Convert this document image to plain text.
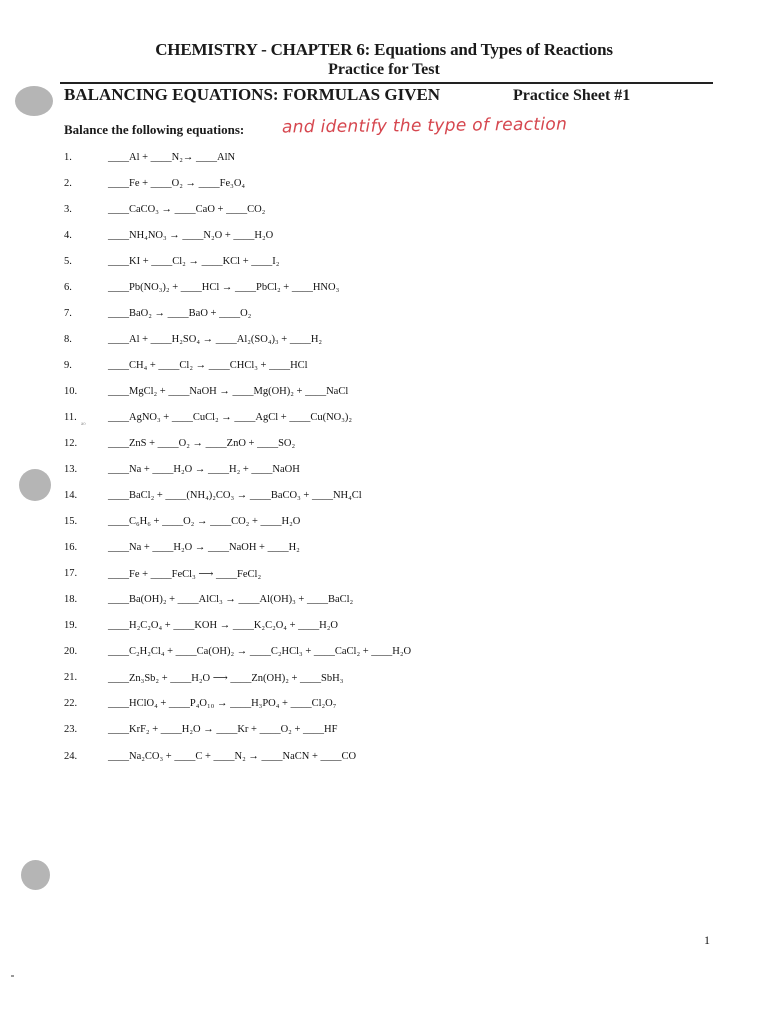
CHEMISTRY - CHAPTER 6: Equations and Types of Reactions
Practice for Test
BALANCING EQUATIONS: FORMULAS GIVEN	Practice Sheet #1
Balance the following equations: and identify the type of reaction
1.	____Al + ____N₂→ ____AlN
2.	____Fe + ____O₂ → ____Fe₃O₄
3.	____CaCO₃ → ____CaO + ____CO₂
4.	____NH₄NO₃ → ____N₂O + ____H₂O
5.	____KI + ____Cl₂ → ____KCl + ____I₂
6.	____Pb(NO₃)₂ + ____HCl → ____PbCl₂ + ____HNO₃
7.	____BaO₂ → ____BaO + ____O₂
8.	____Al + ____H₂SO₄ → ____Al₂(SO₄)₃ + ____H₂
9.	____CH₄ + ____Cl₂ → ____CHCl₃ + ____HCl
10.	____MgCl₂ + ____NaOH → ____Mg(OH)₂ + ____NaCl
11.	____AgNO₃ + ____CuCl₂ → ____AgCl + ____Cu(NO₃)₂
12.	____ZnS + ____O₂ → ____ZnO + ____SO₂
13.	____Na + ____H₂O → ____H₂ + ____NaOH
14.	____BaCl₂ + ____(NH₄)₂CO₃ → ____BaCO₃ + ____NH₄Cl
15.	____C₆H₆ + ____O₂ → ____CO₂ + ____H₂O
16.	____Na + ____H₂O → ____NaOH + ____H₂
17.	____Fe + ____FeCl₃ ⟶ ____FeCl₂
18.	____Ba(OH)₂ + ____AlCl₃ → ____Al(OH)₃ + ____BaCl₂
19.	____H₂C₂O₄ + ____KOH → ____K₂C₂O₄ + ____H₂O
20.	____C₂H₂Cl₄ + ____Ca(OH)₂ → ____C₂HCl₃ + ____CaCl₂ + ____H₂O
21.	____Zn₃Sb₂ + ____H₂O ⟶ ____Zn(OH)₂ + ____SbH₃
22.	____HClO₄ + ____P₄O₁₀ → ____H₃PO₄ + ____Cl₂O₇
23.	____KrF₂ + ____H₂O → ____Kr + ____O₂ + ____HF
24.	____Na₂CO₃ + ____C + ____N₂ → ____NaCN + ____CO
ᵃᵒ
1
